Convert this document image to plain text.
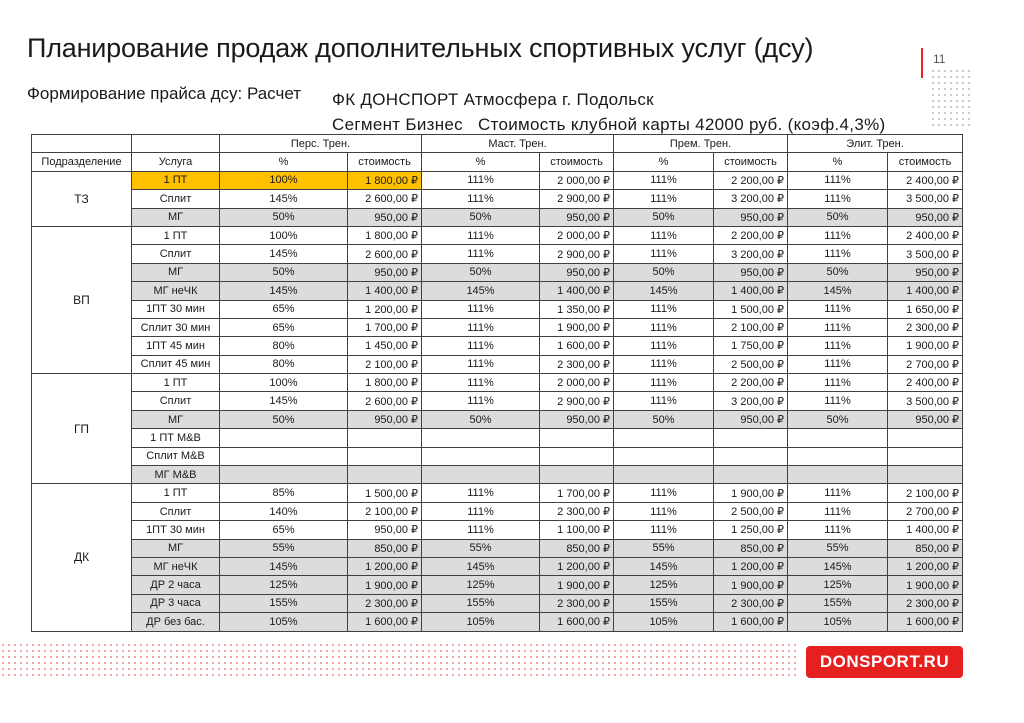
Планирование продаж дополнительных спортивных услуг (дсу)
Формирование прайса дсу: Расчет ФК ДОНСПОРТ Атмосфера г. Подольск
Сегмент Бизнес   Стоимость клубной карты 42000 руб. (коэф.4,3%)
11
		Перс. Трен.		Маст. Трен.		Прем. Трен.		Элит. Трен.	
Подразделение	Услуга	%	стоимость	%	стоимость	%	стоимость	%	стоимость
ТЗ	1 ПТ	100%	1 800,00 ₽	111%	2 000,00 ₽	111%	2 200,00 ₽	111%	2 400,00 ₽
	Сплит	145%	2 600,00 ₽	111%	2 900,00 ₽	111%	3 200,00 ₽	111%	3 500,00 ₽
	МГ	50%	950,00 ₽	50%	950,00 ₽	50%	950,00 ₽	50%	950,00 ₽
ВП	1 ПТ	100%	1 800,00 ₽	111%	2 000,00 ₽	111%	2 200,00 ₽	111%	2 400,00 ₽
	Сплит	145%	2 600,00 ₽	111%	2 900,00 ₽	111%	3 200,00 ₽	111%	3 500,00 ₽
	МГ	50%	950,00 ₽	50%	950,00 ₽	50%	950,00 ₽	50%	950,00 ₽
	МГ неЧК	145%	1 400,00 ₽	145%	1 400,00 ₽	145%	1 400,00 ₽	145%	1 400,00 ₽
	1ПТ 30 мин	65%	1 200,00 ₽	111%	1 350,00 ₽	111%	1 500,00 ₽	111%	1 650,00 ₽
	Сплит 30 мин	65%	1 700,00 ₽	111%	1 900,00 ₽	111%	2 100,00 ₽	111%	2 300,00 ₽
	1ПТ 45 мин	80%	1 450,00 ₽	111%	1 600,00 ₽	111%	1 750,00 ₽	111%	1 900,00 ₽
	Сплит 45 мин	80%	2 100,00 ₽	111%	2 300,00 ₽	111%	2 500,00 ₽	111%	2 700,00 ₽
ГП	1 ПТ	100%	1 800,00 ₽	111%	2 000,00 ₽	111%	2 200,00 ₽	111%	2 400,00 ₽
	Сплит	145%	2 600,00 ₽	111%	2 900,00 ₽	111%	3 200,00 ₽	111%	3 500,00 ₽
	МГ	50%	950,00 ₽	50%	950,00 ₽	50%	950,00 ₽	50%	950,00 ₽
	1 ПТ M&B								
	Сплит M&B								
	МГ M&B								
ДК	1 ПТ	85%	1 500,00 ₽	111%	1 700,00 ₽	111%	1 900,00 ₽	111%	2 100,00 ₽
	Сплит	140%	2 100,00 ₽	111%	2 300,00 ₽	111%	2 500,00 ₽	111%	2 700,00 ₽
	1ПТ 30 мин	65%	950,00 ₽	111%	1 100,00 ₽	111%	1 250,00 ₽	111%	1 400,00 ₽
	МГ	55%	850,00 ₽	55%	850,00 ₽	55%	850,00 ₽	55%	850,00 ₽
	МГ неЧК	145%	1 200,00 ₽	145%	1 200,00 ₽	145%	1 200,00 ₽	145%	1 200,00 ₽
	ДР 2 часа	125%	1 900,00 ₽	125%	1 900,00 ₽	125%	1 900,00 ₽	125%	1 900,00 ₽
	ДР 3 часа	155%	2 300,00 ₽	155%	2 300,00 ₽	155%	2 300,00 ₽	155%	2 300,00 ₽
	ДР без бас.	105%	1 600,00 ₽	105%	1 600,00 ₽	105%	1 600,00 ₽	105%	1 600,00 ₽
DONSPORT.RU
